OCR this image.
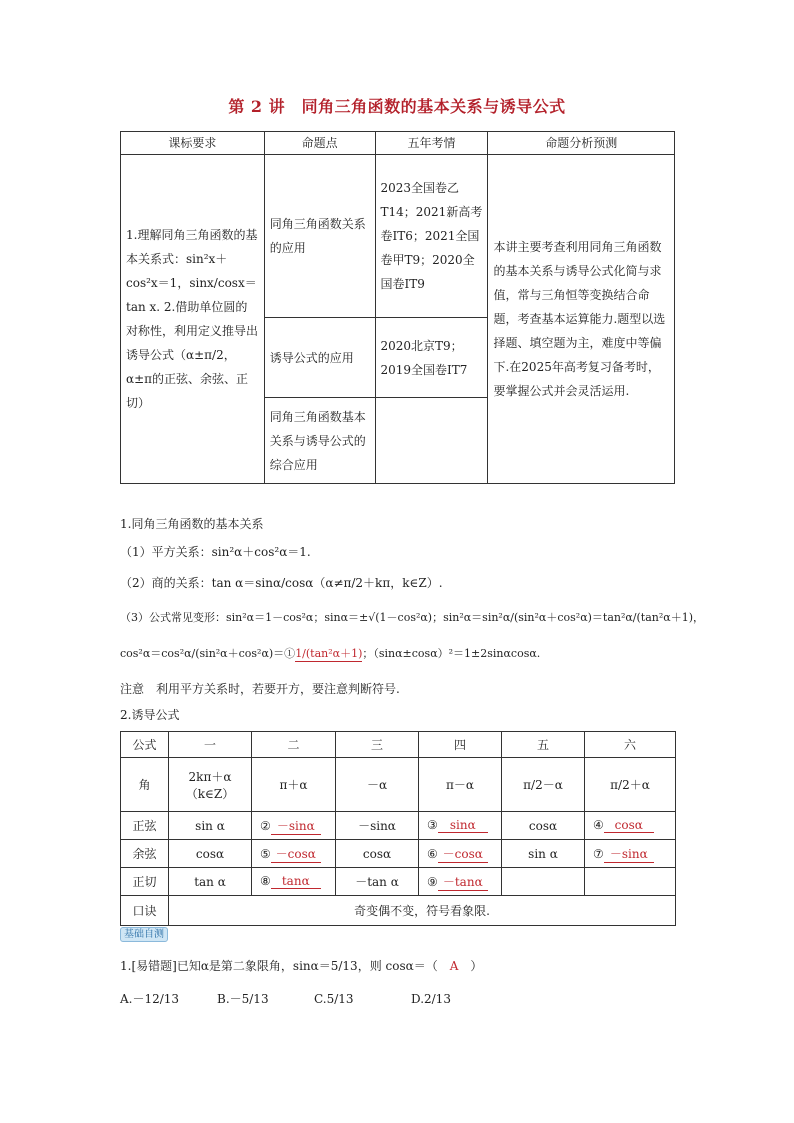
第 2 讲　同角三角函数的基本关系与诱导公式
课标要求	命题点	五年考情	命题分析预测
1.理解同角三角函数的基本关系式：sin²x＋cos²x＝1，sinx/cosx＝tan x. 2.借助单位圆的对称性，利用定义推导出诱导公式（α±π/2，α±π的正弦、余弦、正切）	同角三角函数关系的应用	2023全国卷乙T14；2021新高考卷ⅠT6；2021全国卷甲T9；2020全国卷ⅠT9	本讲主要考查利用同角三角函数的基本关系与诱导公式化简与求值，常与三角恒等变换结合命题，考查基本运算能力.题型以选择题、填空题为主，难度中等偏下.在2025年高考复习备考时，要掌握公式并会灵活运用.
	诱导公式的应用	2020北京T9；2019全国卷ⅠT7	
	同角三角函数基本关系与诱导公式的综合应用		
1.同角三角函数的基本关系
（1）平方关系：sin²α＋cos²α＝1.
（2）商的关系：tan α＝sinα/cosα（α≠π/2＋kπ，k∈Z）.
（3）公式常见变形：sin²α＝1－cos²α；sinα＝±√(1－cos²α)；sin²α＝sin²α/(sin²α＋cos²α)＝tan²α/(tan²α＋1)，
cos²α＝cos²α/(sin²α＋cos²α)＝①1/(tan²α＋1)；（sinα±cosα）²＝1±2sinαcosα.
注意　利用平方关系时，若要开方，要注意判断符号.
2.诱导公式
公式	一	二	三	四	五	六
角	2kπ＋α（k∈Z）	π＋α	－α	π－α	π/2－α	π/2＋α
正弦	sin α	② －sinα	－sinα	③ sinα	cosα	④ cosα
余弦	cosα	⑤ －cosα	cosα	⑥ －cosα	sin α	⑦ －sinα
正切	tan α	⑧ tanα	－tan α	⑨ －tanα		
口诀	奇变偶不变，符号看象限.					
基础自测
1.[易错题]已知α是第二象限角，sinα＝5/13，则 cosα＝（　A　）
A.－12/13	B.－5/13	C.5/13	D.2/13
